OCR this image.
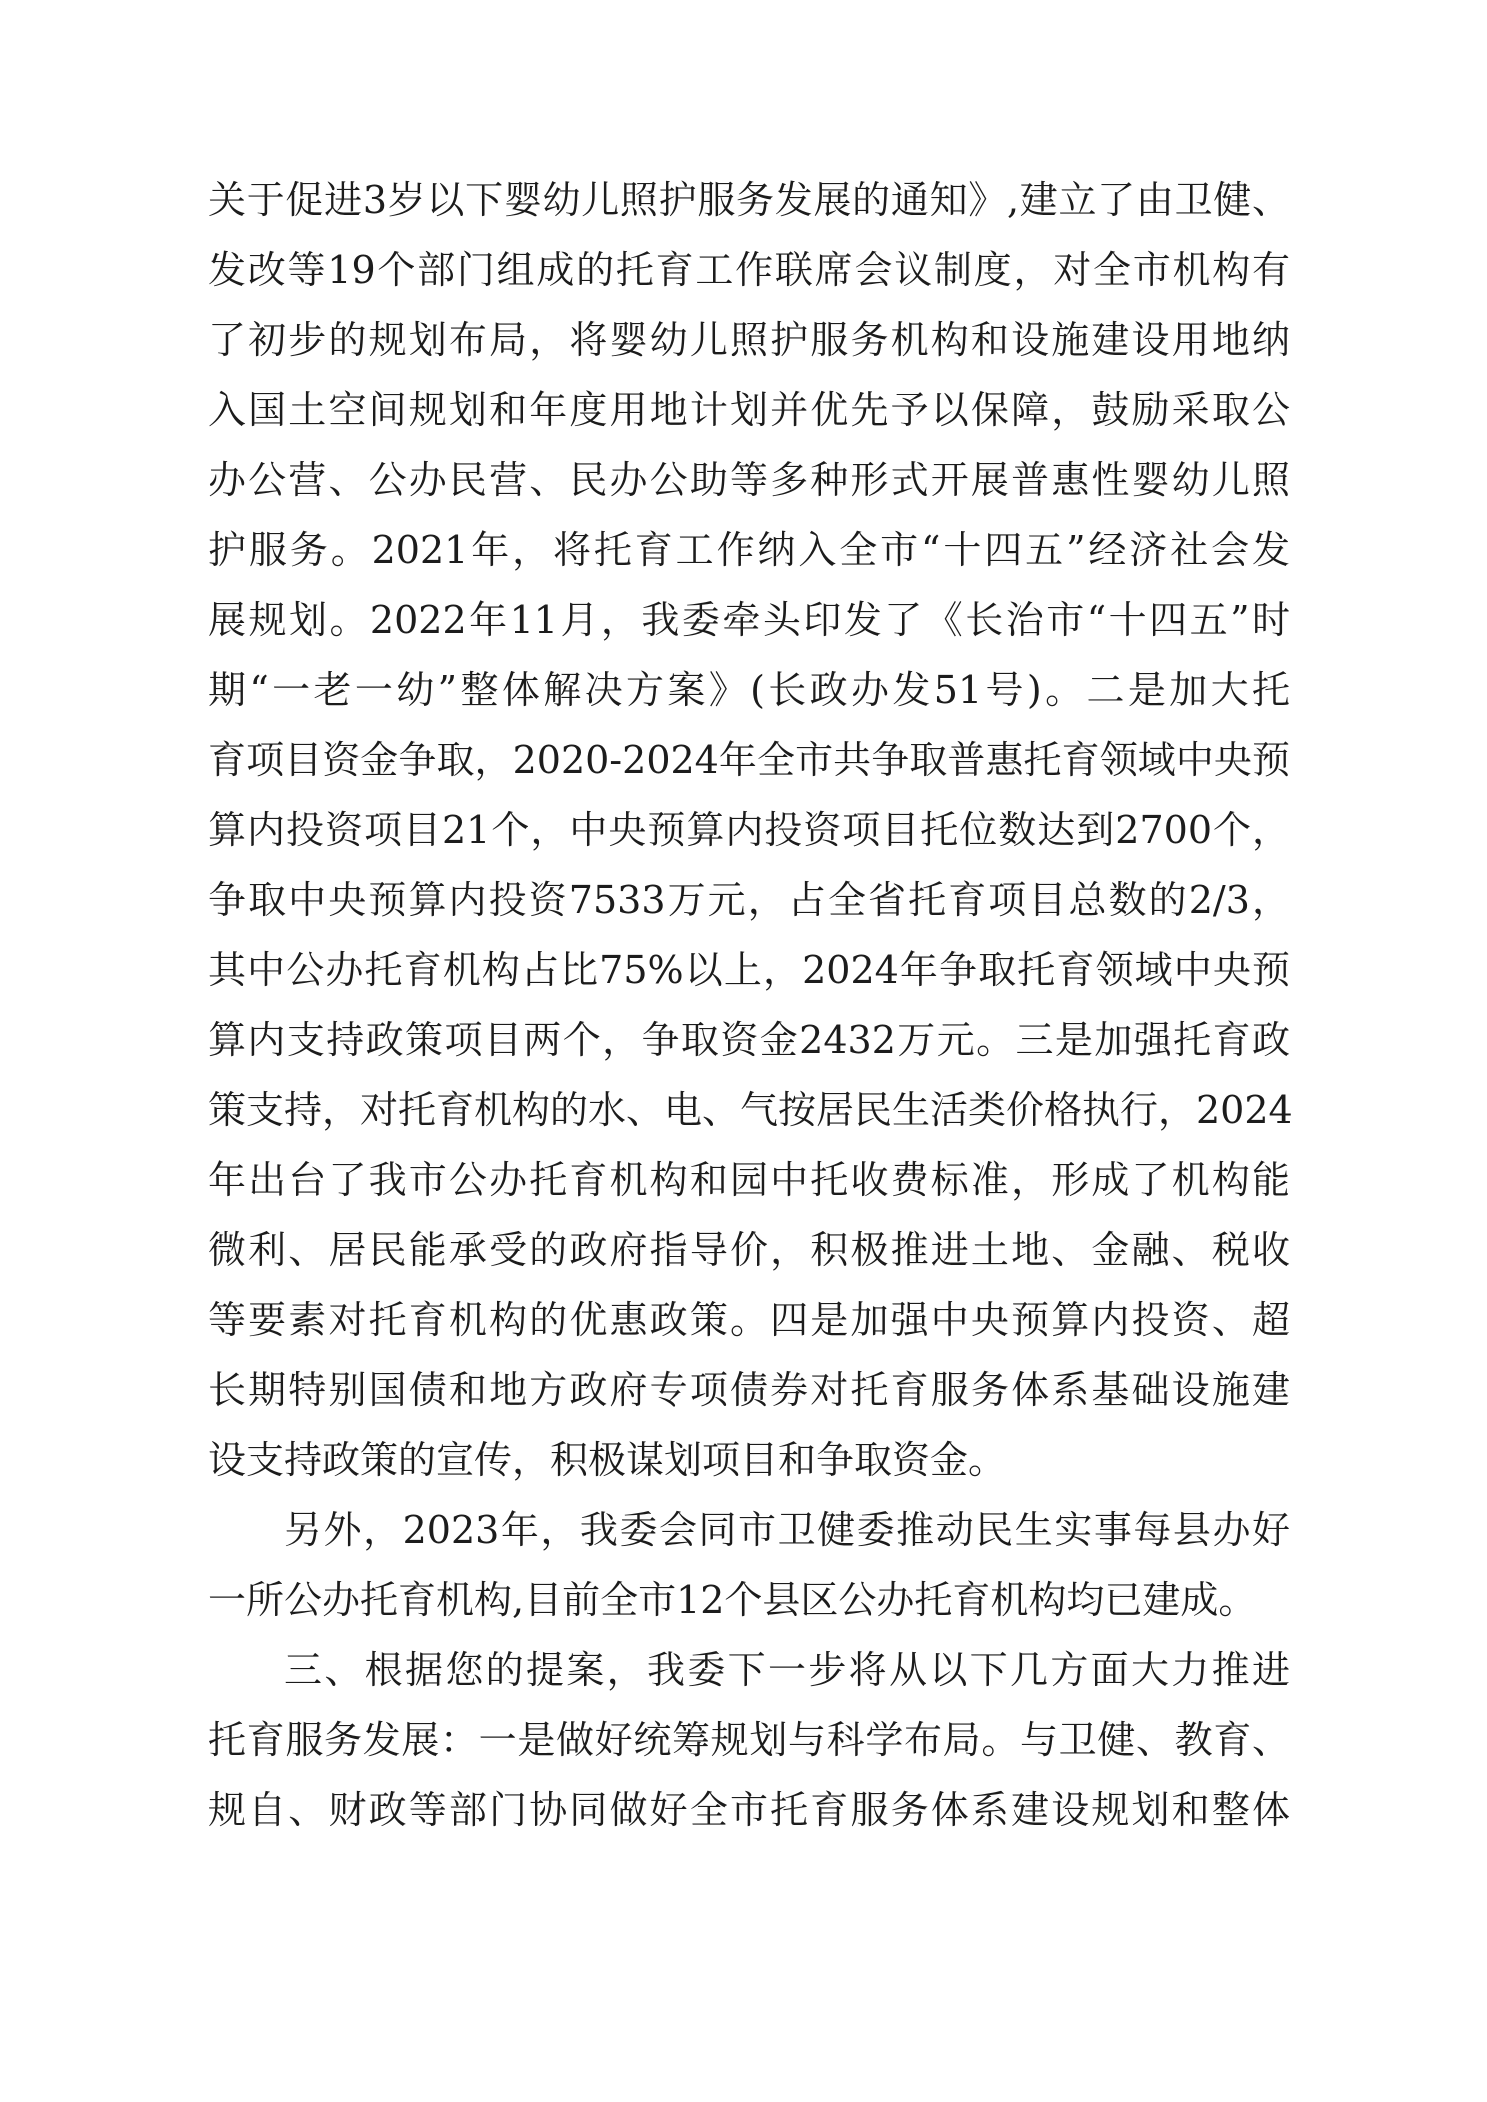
关于促进3岁以下婴幼儿照护服务发展的通知》,建立了由卫健、
发改等19个部门组成的托育工作联席会议制度，对全市机构有
了初步的规划布局，将婴幼儿照护服务机构和设施建设用地纳
入国土空间规划和年度用地计划并优先予以保障，鼓励采取公
办公营、公办民营、民办公助等多种形式开展普惠性婴幼儿照
护服务。2021年，将托育工作纳入全市“十四五”经济社会发
展规划。2022年11月，我委牵头印发了《长治市“十四五”时
期“一老一幼”整体解决方案》(长政办发51号)。二是加大托
育项目资金争取，2020-2024年全市共争取普惠托育领域中央预
算内投资项目21个，中央预算内投资项目托位数达到2700个，
争取中央预算内投资7533万元，占全省托育项目总数的2/3，
其中公办托育机构占比75%以上，2024年争取托育领域中央预
算内支持政策项目两个，争取资金2432万元。三是加强托育政
策支持，对托育机构的水、电、气按居民生活类价格执行，2024
年出台了我市公办托育机构和园中托收费标准，形成了机构能
微利、居民能承受的政府指导价，积极推进土地、金融、税收
等要素对托育机构的优惠政策。四是加强中央预算内投资、超
长期特别国债和地方政府专项债券对托育服务体系基础设施建
设支持政策的宣传，积极谋划项目和争取资金。
另外，2023年，我委会同市卫健委推动民生实事每县办好
一所公办托育机构,目前全市12个县区公办托育机构均已建成。
三、根据您的提案，我委下一步将从以下几方面大力推进
托育服务发展：一是做好统筹规划与科学布局。与卫健、教育、
规自、财政等部门协同做好全市托育服务体系建设规划和整体
